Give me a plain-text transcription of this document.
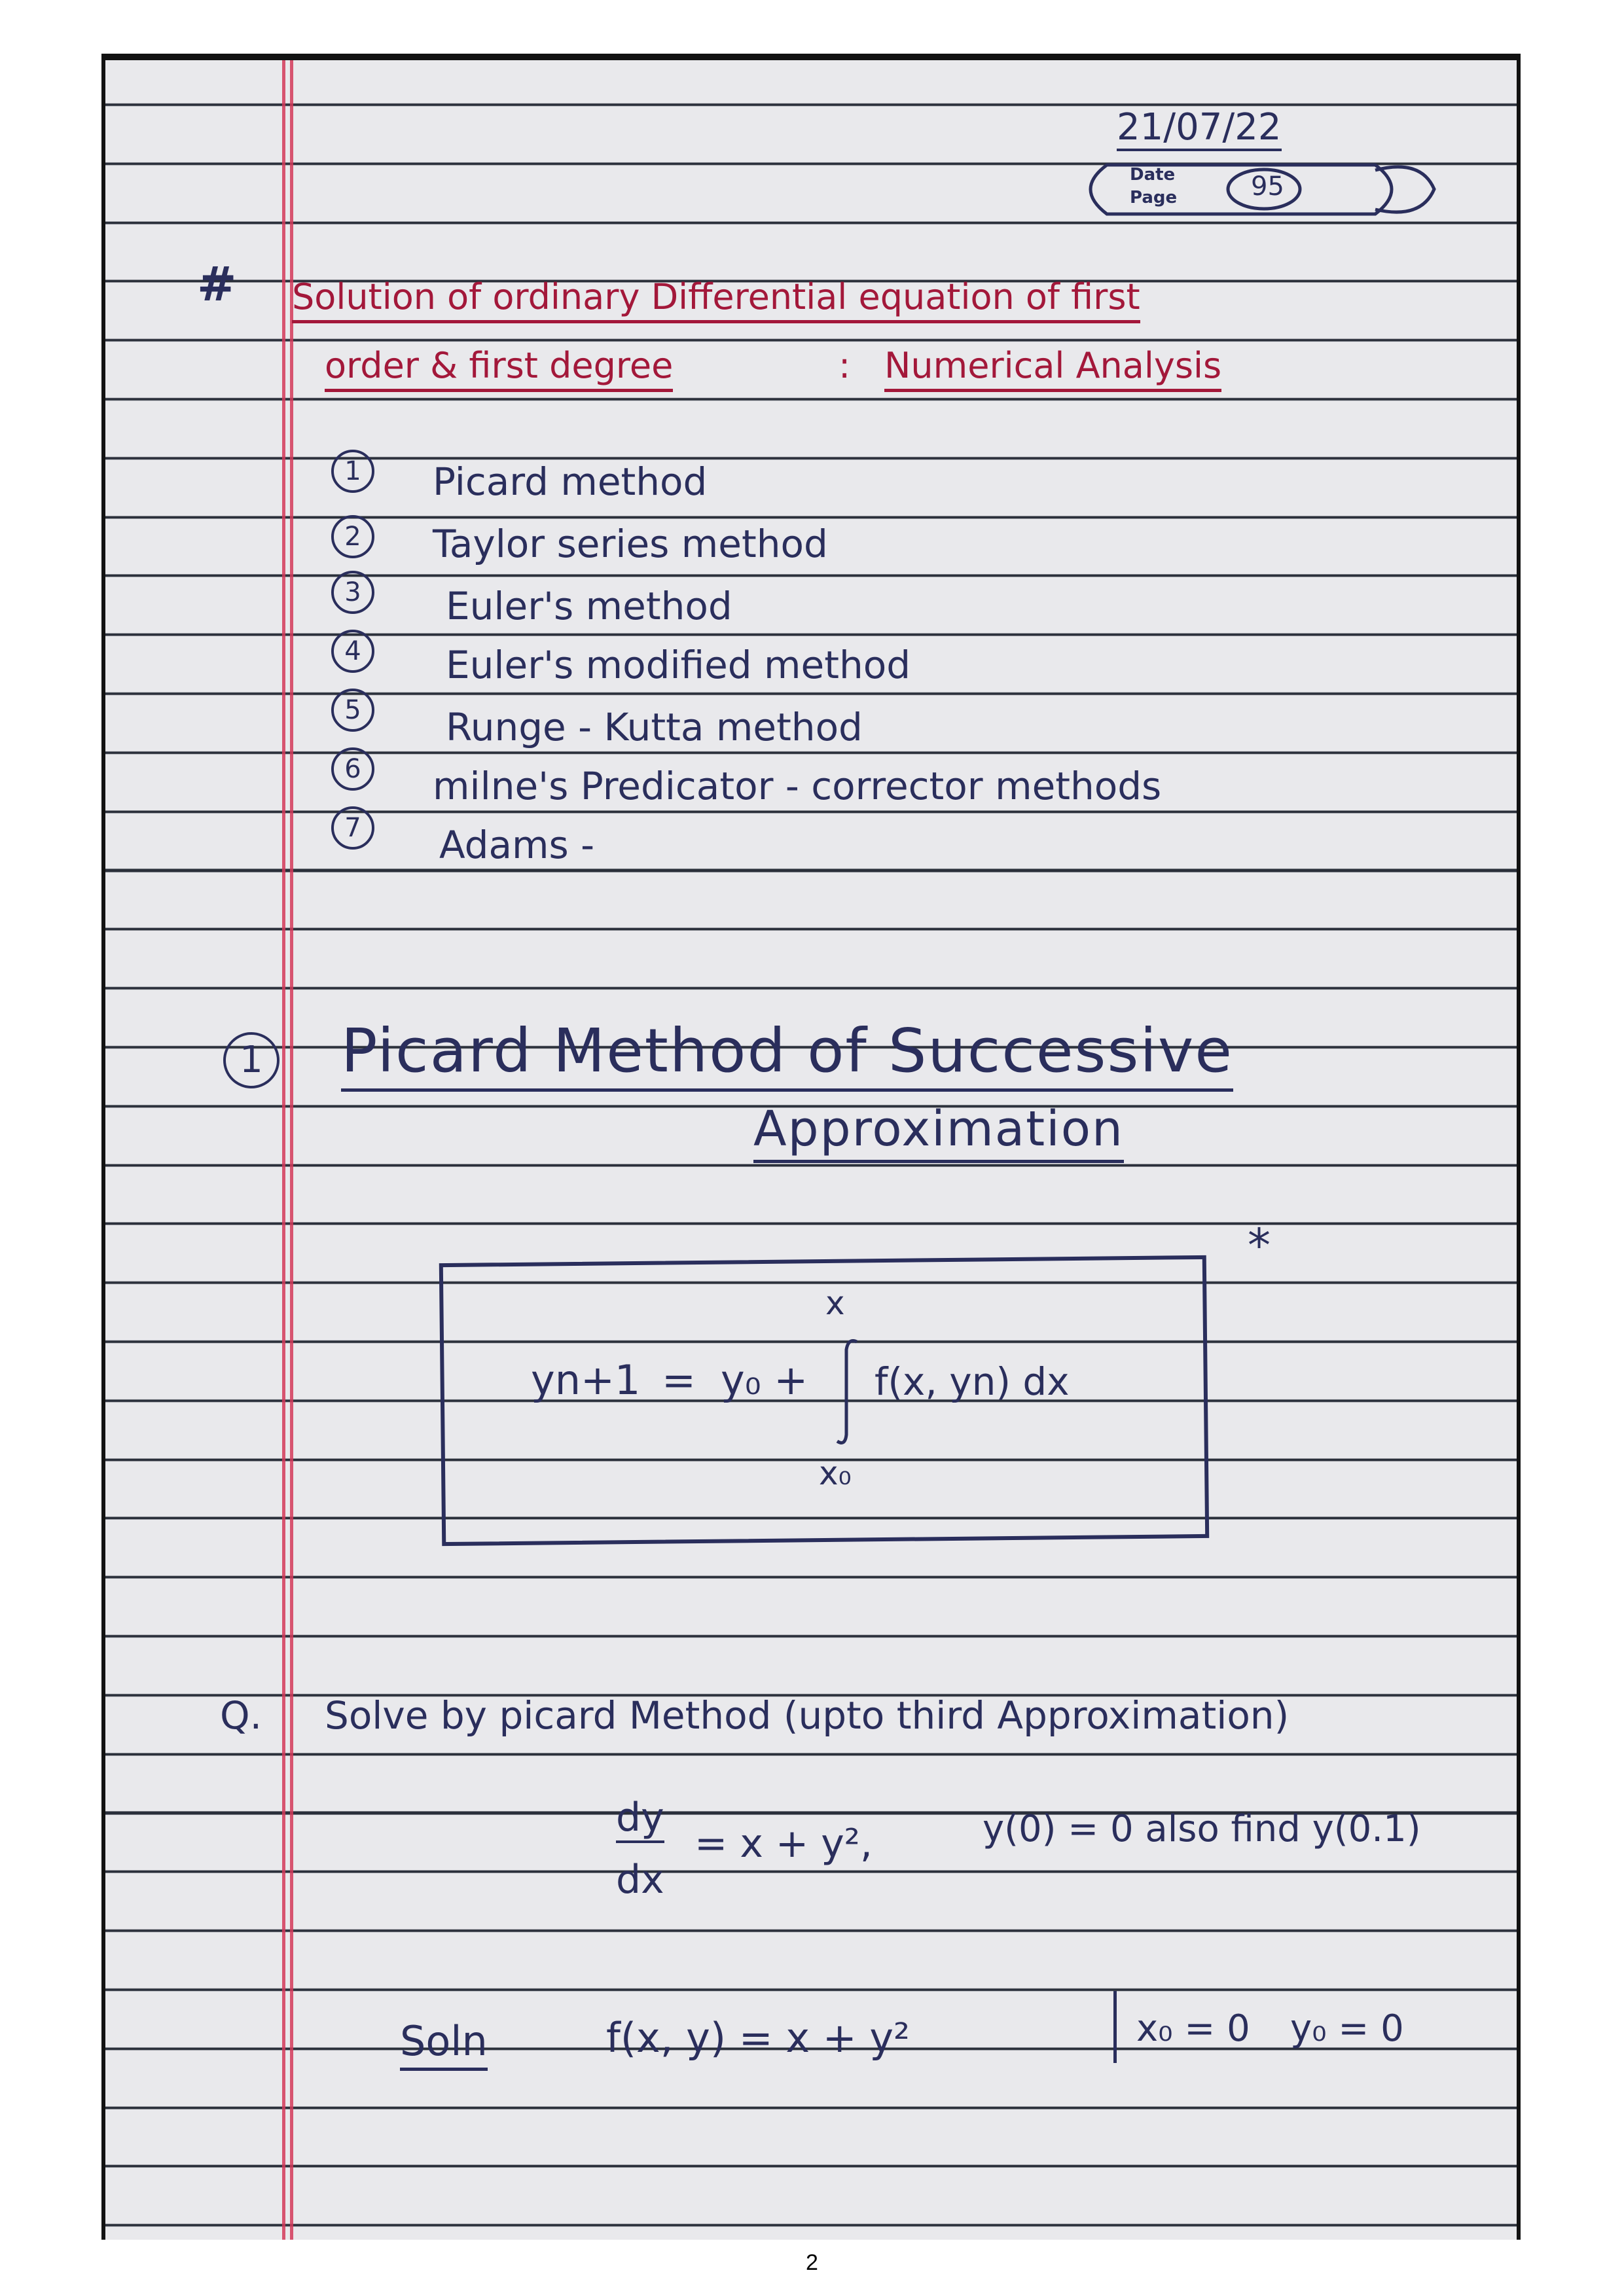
21/07/22
Date
Page	95
# Solution of ordinary Differential equation of first
order & first degree	: Numerical Analysis
1	Picard method
2	Taylor series method
3	Euler's method
4	Euler's modified method
5	Runge - Kutta method
6	milne's Predicator - corrector methods
7	Adams -
1 Picard Method of Successive
Approximation
*
x
yn+1 = y₀ + f(x, yn) dx
x₀
Q. Solve by picard Method (upto third Approximation)
dy
dx
= x + y²,	y(0) = 0 also find y(0.1)
Soln	f(x, y) = x + y²	x₀ = 0 y₀ = 0
2
